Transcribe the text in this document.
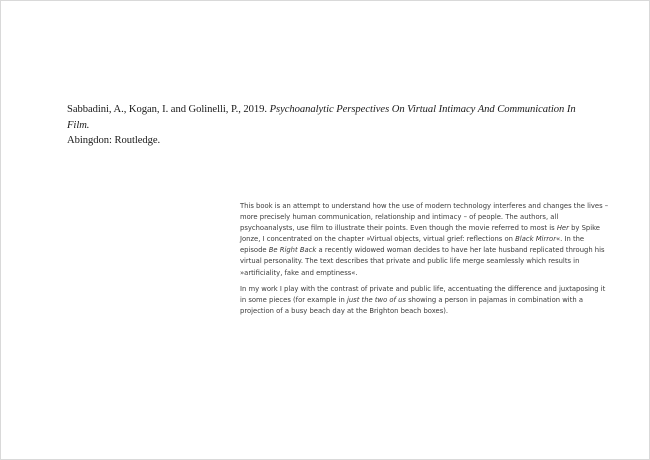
Sabbadini, A., Kogan, I. and Golinelli, P., 2019. Psychoanalytic Perspectives On Virtual Intimacy And Communication In Film.
Abingdon: Routledge.

This book is an attempt to understand how the use of modern technology interferes and changes the lives – more precisely human communication, relationship and intimacy – of people. The authors, all psychoanalysts, use film to illustrate their points. Even though the movie referred to most is Her by Spike Jonze, I concentrated on the chapter »Virtual objects, virtual grief: reflections on Black Mirror«. In the episode Be Right Back a recently widowed woman decides to have her late husband replicated through his virtual personality. The text describes that private and public life merge seamlessly which results in »artificiality, fake and emptiness«.

In my work I play with the contrast of private and public life, accentuating the difference and juxtaposing it in some pieces (for example in just the two of us showing a person in pajamas in combination with a projection of a busy beach day at the Brighton beach boxes).
